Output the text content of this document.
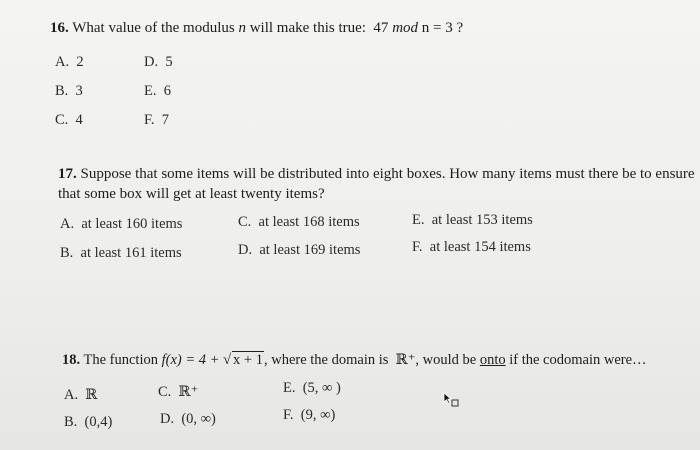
16. What value of the modulus n will make this true:  47 mod n = 3 ?
A.  2	D.  5
B.  3	E.  6
C.  4	F.  7
17. Suppose that some items will be distributed into eight boxes. How many items must there be to ensure
that some box will get at least twenty items?
A.  at least 160 items	C.  at least 168 items	E.  at least 153 items
B.  at least 161 items	D.  at least 169 items	F.  at least 154 items
18. The function f(x) = 4 + √ x + 1, where the domain is  ℝ⁺, would be onto if the codomain were…
A.  ℝ	C.  ℝ⁺	E.  (5, ∞ )
B.  (0,4)	D.  (0, ∞)	F.  (9, ∞)
